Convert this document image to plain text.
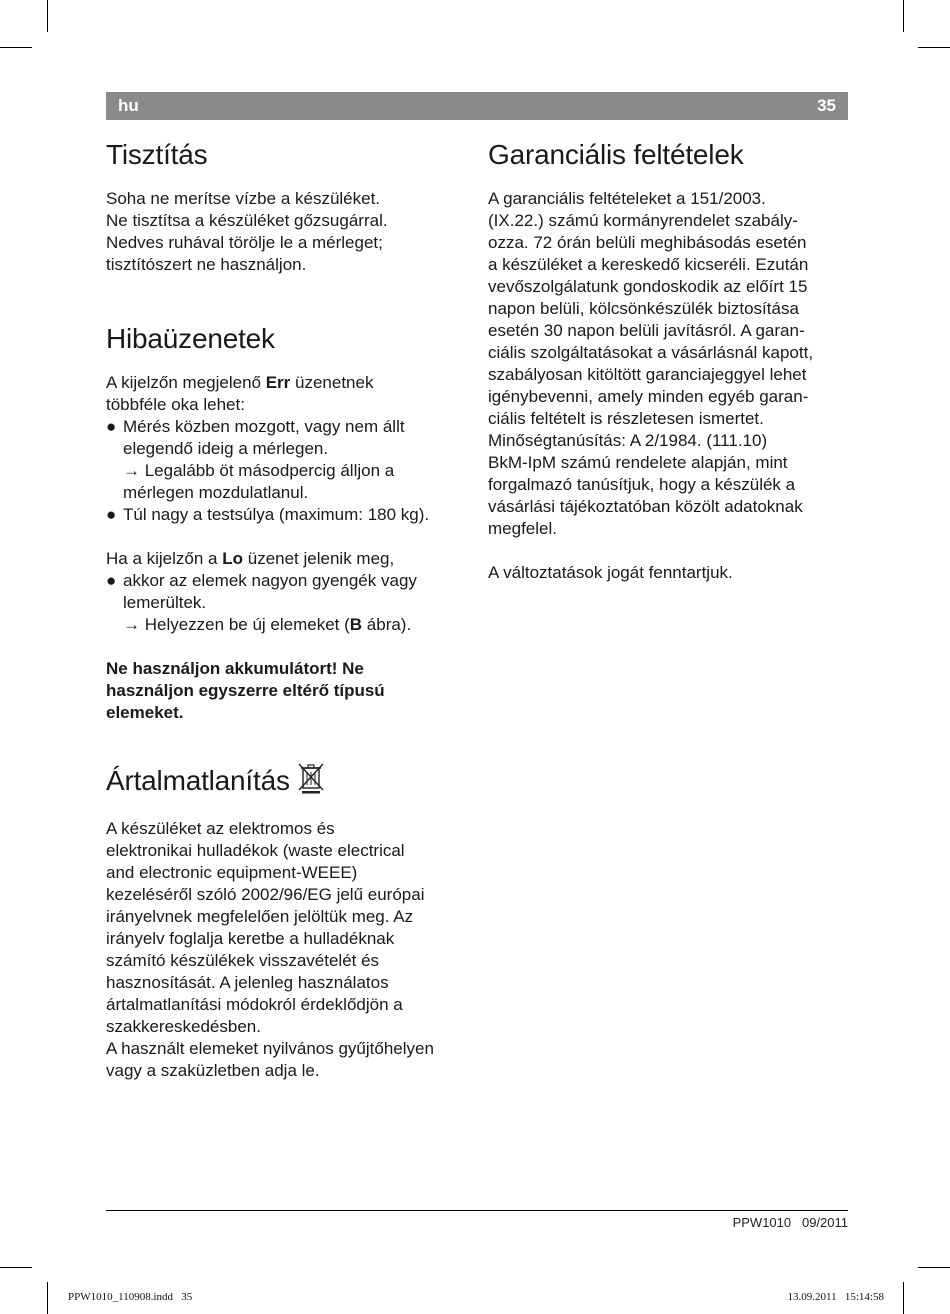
hu	35
Tisztítás

Soha ne merítse vízbe a készüléket.

Ne tisztítsa a készüléket gőzsugárral.

Nedves ruhával törölje le a mérleget;

tisztítószert ne használjon.

Hibaüzenetek

A kijelzőn megjelenő Err üzenetnek

többféle oka lehet:

● Mérés közben mozgott, vagy nem állt
elegendő ideig a mérlegen.
→ Legalább öt másodpercig álljon a
mérlegen mozdulatlanul.
● Túl nagy a testsúlya (maximum: 180 kg).

Ha a kijelzőn a Lo üzenet jelenik meg,

● akkor az elemek nagyon gyengék vagy
lemerültek.
→ Helyezzen be új elemeket (B ábra).

Ne használjon akkumulátort! Ne

használjon egyszerre eltérő típusú

elemeket.

Ártalmatlanítás

A készüléket az elektromos és

elektronikai hulladékok (waste electrical

and electronic equipment-WEEE)

kezeléséről szóló 2002/96/EG jelű európai

irányelvnek megfelelően jelöltük meg. Az

irányelv foglalja keretbe a hulladéknak

számító készülékek visszavételét és

hasznosítását. A jelenleg használatos

ártalmatlanítási módokról érdeklődjön a

szakkereskedésben.

A használt elemeket nyilvános gyűjtőhelyen

vagy a szaküzletben adja le.

Garanciális feltételek

A garanciális feltételeket a 151/2003.

(IX.22.) számú kormányrendelet szabály-

ozza. 72 órán belüli meghibásodás esetén

a készüléket a kereskedő kicseréli. Ezután

vevőszolgálatunk gondoskodik az előírt 15

napon belüli, kölcsönkészülék biztosítása

esetén 30 napon belüli javításról. A garan-

ciális szolgáltatásokat a vásárlásnál kapott,

szabályosan kitöltött garanciajeggyel lehet

igénybevenni, amely minden egyéb garan-

ciális feltételt is részletesen ismertet.

Minőségtanúsítás: A 2/1984. (111.10)

BkM-IpM számú rendelete alapján, mint

forgalmazó tanúsítjuk, hogy a készülék a

vásárlási tájékoztatóban közölt adatoknak

megfelel.

A változtatások jogát fenntartjuk.

PPW1010   09/2011
PPW1010_110908.indd   35	13.09.2011   15:14:58
